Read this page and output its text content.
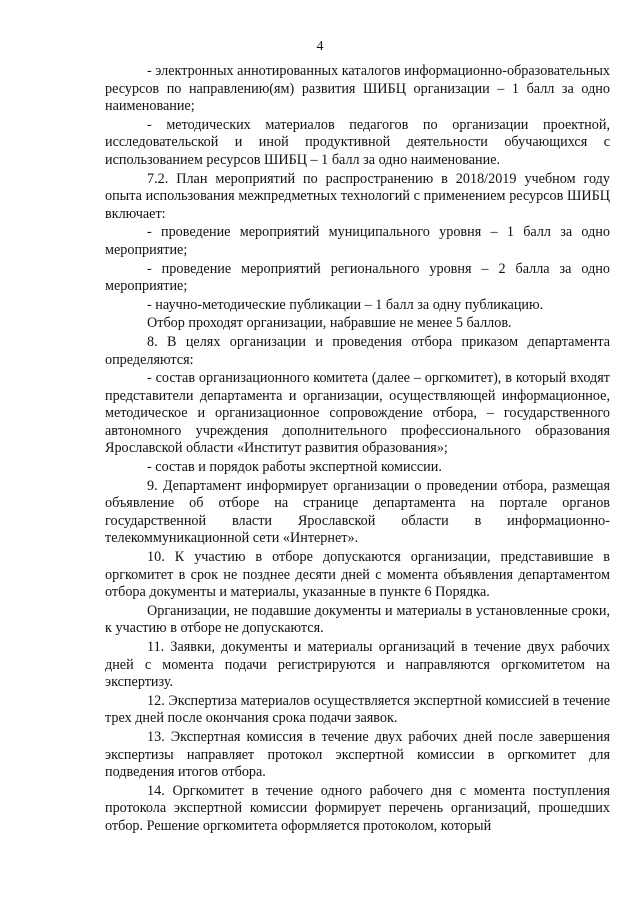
4

- электронных аннотированных каталогов информационно-образовательных ресурсов по направлению(ям) развития ШИБЦ организации – 1 балл за одно наименование;

- методических материалов педагогов по организации проектной, исследовательской и иной продуктивной деятельности обучающихся с использованием ресурсов ШИБЦ – 1 балл за одно наименование.

7.2. План мероприятий по распространению в 2018/2019 учебном году опыта использования межпредметных технологий с применением ресурсов ШИБЦ включает:

- проведение мероприятий муниципального уровня – 1 балл за одно мероприятие;

- проведение мероприятий регионального уровня – 2 балла за одно мероприятие;

- научно-методические публикации – 1 балл за одну публикацию.

Отбор проходят организации, набравшие не менее 5 баллов.

8. В целях организации и проведения отбора приказом департамента определяются:

- состав организационного комитета (далее – оргкомитет), в который входят представители департамента и организации, осуществляющей информационное, методическое и организационное сопровождение отбора, – государственного автономного учреждения дополнительного профессионального образования Ярославской области «Институт развития образования»;

- состав и порядок работы экспертной комиссии.

9. Департамент информирует организации о проведении отбора, размещая объявление об отборе на странице департамента на портале органов государственной власти Ярославской области в информационно-телекоммуникационной сети «Интернет».

10. К участию в отборе допускаются организации, представившие в оргкомитет в срок не позднее десяти дней с момента объявления департаментом отбора документы и материалы, указанные в пункте 6 Порядка.

Организации, не подавшие документы и материалы в установленные сроки, к участию в отборе не допускаются.

11. Заявки, документы и материалы организаций в течение двух рабочих дней с момента подачи регистрируются и направляются оргкомитетом на экспертизу.

12. Экспертиза материалов осуществляется экспертной комиссией в течение трех дней после окончания срока подачи заявок.

13. Экспертная комиссия в течение двух рабочих дней после завершения экспертизы направляет протокол экспертной комиссии в оргкомитет для подведения итогов отбора.

14. Оргкомитет в течение одного рабочего дня с момента поступления протокола экспертной комиссии формирует перечень организаций, прошедших отбор. Решение оргкомитета оформляется протоколом, который
